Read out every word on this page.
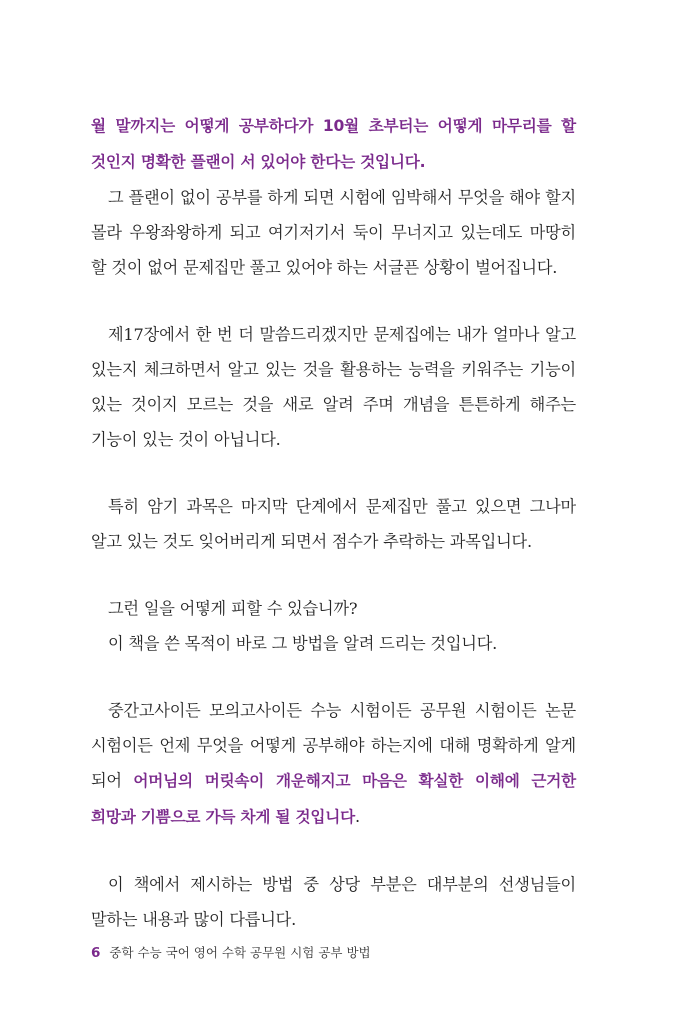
월 말까지는 어떻게 공부하다가 10월 초부터는 어떻게 마무리를 할 것인지 명확한 플랜이 서 있어야 한다는 것입니다.

그 플랜이 없이 공부를 하게 되면 시험에 임박해서 무엇을 해야 할지 몰라 우왕좌왕하게 되고 여기저기서 둑이 무너지고 있는데도 마땅히 할 것이 없어 문제집만 풀고 있어야 하는 서글픈 상황이 벌어집니다.

제17장에서 한 번 더 말씀드리겠지만 문제집에는 내가 얼마나 알고 있는지 체크하면서 알고 있는 것을 활용하는 능력을 키워주는 기능이 있는 것이지 모르는 것을 새로 알려 주며 개념을 튼튼하게 해주는 기능이 있는 것이 아닙니다.

특히 암기 과목은 마지막 단계에서 문제집만 풀고 있으면 그나마 알고 있는 것도 잊어버리게 되면서 점수가 추락하는 과목입니다.

그런 일을 어떻게 피할 수 있습니까?

이 책을 쓴 목적이 바로 그 방법을 알려 드리는 것입니다.

중간고사이든 모의고사이든 수능 시험이든 공무원 시험이든 논문 시험이든 언제 무엇을 어떻게 공부해야 하는지에 대해 명확하게 알게 되어 어머님의 머릿속이 개운해지고 마음은 확실한 이해에 근거한 희망과 기쁨으로 가득 차게 될 것입니다.

이 책에서 제시하는 방법 중 상당 부분은 대부분의 선생님들이 말하는 내용과 많이 다릅니다.

6 중학 수능 국어 영어 수학 공무원 시험 공부 방법
